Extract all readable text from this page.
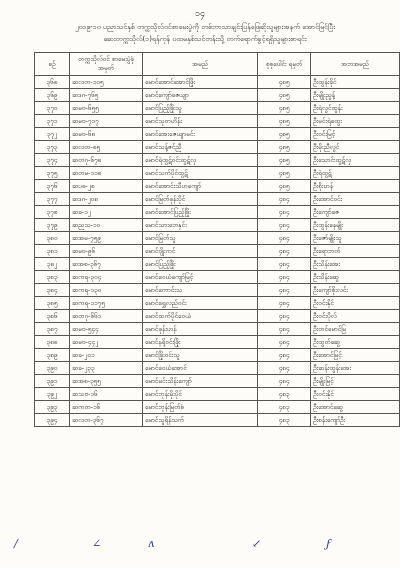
၁၄
၂၀၁၉-၁၀ ပညာသင်နှစ် တက္ကသိုလ်ဝင်စာမေးပွဲကို တစ်ဘာသာချင်းပြန်ဖြေဆိုသူများအနက် အောင်မြင်ပြီး
ဆေးတက္ကသိုလ်(၁)ရန်ကုန် ပထမနှစ်သင်တန်းသို့ တက်ရောက်ခွင့်ရရှိသူများစာရင်း
စဉ်	တက္ကသိုလ်ဝင် စာမေးပွဲခုံအမှတ်	အမည်	စုစုပေါင်း ရမှတ်	အဘအမည်
၃၆၈	ဆလတ-၁၀၅	မောင်အောင်အောင်ဖြိုး	၄၈၅	ဦးထွန်းခိုင်
၃၆၉	ဆဒဂ-၇၆၅	မောင်ကျော်ဇေယျာ	၄၈၅	ဦးမျိုးညွန့်
၃၇၀	ဆမဗ-၆၅၅	မောင်ပြည့်ဖြိုးသူ	၄၈၅	ဦးရဲလွင်ထွန်း
၃၇၁	ဆမဗ-၇၁၇	မောင်သုတဟိန်း	၄၈၅	ဦးမင်းရဲထွေး
၃၇၂	ဆမဗ-၆၈	မောင်အေးဇေယျာမင်း	၄၈၅	ဦးဝင်းမြင့်
၃၇၃	ဆလတ-၈၅	မောင်သန့်ဇင်ညီ	၄၈၅	ဦးမိုးညီလွင်
၃၇၄	ဆတဂု-၆၇၈	မောင်ရဲထွဋ်ဝင်းထွဋ်လှ	၄၈၅	ဦးသောင်းထွဋ်လှ
၃၇၅	ဆတမ-၁၁၈	မောင်သက်ပိုင်ထွဋ်	၄၈၅	ဦးရဲထွဋ်
၃၇၆	ဆပဓ-၂၈	မောင်အောင်းသီဟကျော်	၄၈၅	ဦးစိုးဟန်
၃၇၇	ဆဒဂ-၂၀၈	မောင်မြတ်ဖုန်းပိုင်	၄၈၄	ဦးအောင်ဝင်း
၃၇၈	ဆခ-၁၂	မောင်အောင်ပြည့်ဖြိုး	၄၈၄	ဦးကျော်ဇေ
၃၇၉	ဆညသ-၁၀	မောင်သားဘေနှင်း	၄၈၄	ဦးထွန်းနေမျိုး
၃၈၀	ဆအမ-၇၅၉	မောင်မြတ်သူ	၄၈၄	ဦးဇော်မျိုးသူ
၃၈၁	ဆမဗ-၉၆	မောင်ဂျိုးကင်	၄၈၄	ဦးရောဘတ်
၃၈၂	ဆအစ-၃၆၇	မောင်ပြည့်ဖြိုး	၄၈၄	ဦးသိန်းအေး
၃၈၃	ဆကရ-၃၀၄	မောင်ဝေယံကျော်မြင့်	၄၈၄	ဦးသိန်းဆွေ
၃၈၄	ဆကရ-၁၃၀	မောင်ကောင်းသ	၄၈၄	ဦးကျော်စိုးလင်း
၃၈၅	ဆကရ-၁၁၇၅	မောင်ရွှေလည်ဝင်း	၄၈၄	ဦးဝင်းနိုင်
၃၈၆	ဆတဂု-၆၆၁	မောင်ထက်ပိုင်ဝေယံ	၄၈၄	ဦးဝင်းပိုလ်
၃၈၇	ဆမဗ-၅၄၄	မောင်ဖုန်းဟန်	၄၈၄	ဦးတင်မောင်မြ
၃၈၈	ဆမဗ-၄၄၂	မောင်နရိုဝင်းဖြိုး	၄၈၄	ဦးထွတ်ဆွေ
၃၈၉	ဆခ-၂၀၁	မောင်ဖြိုးဝင်းသူ	၄၈၄	ဦးအောင်မြင့်
၃၉၀	ဆခ-၂၃၃	မောင်ဝေယံအောင်	၄၈၄	ဦးဆန်းထွန်းအေး
၃၉၁	ဆအစ-၃၅၅	မောင်မင်းသိန်းကျော်	၄၈၄	ဦးမျိုးမြင့်
၃၉၂	ဆသဗ-၁၆	မောင်ဘုန်းမိုးပိုင်	၄၈၃	ဦးဝင်းနိုင်
၃၉၃	ဆကတ-၁၆	မောင်ဘုန်းမြတ်စံ	၄၈၃	ဦးအောင်ဆွေ
၃၉၄	ဆလတ-၃၆၇	မောင်သူရိန်သက်	၄၈၃	ဦးစန်းကျော်ဦး
/	∠	ʌ	↙	ϝ
